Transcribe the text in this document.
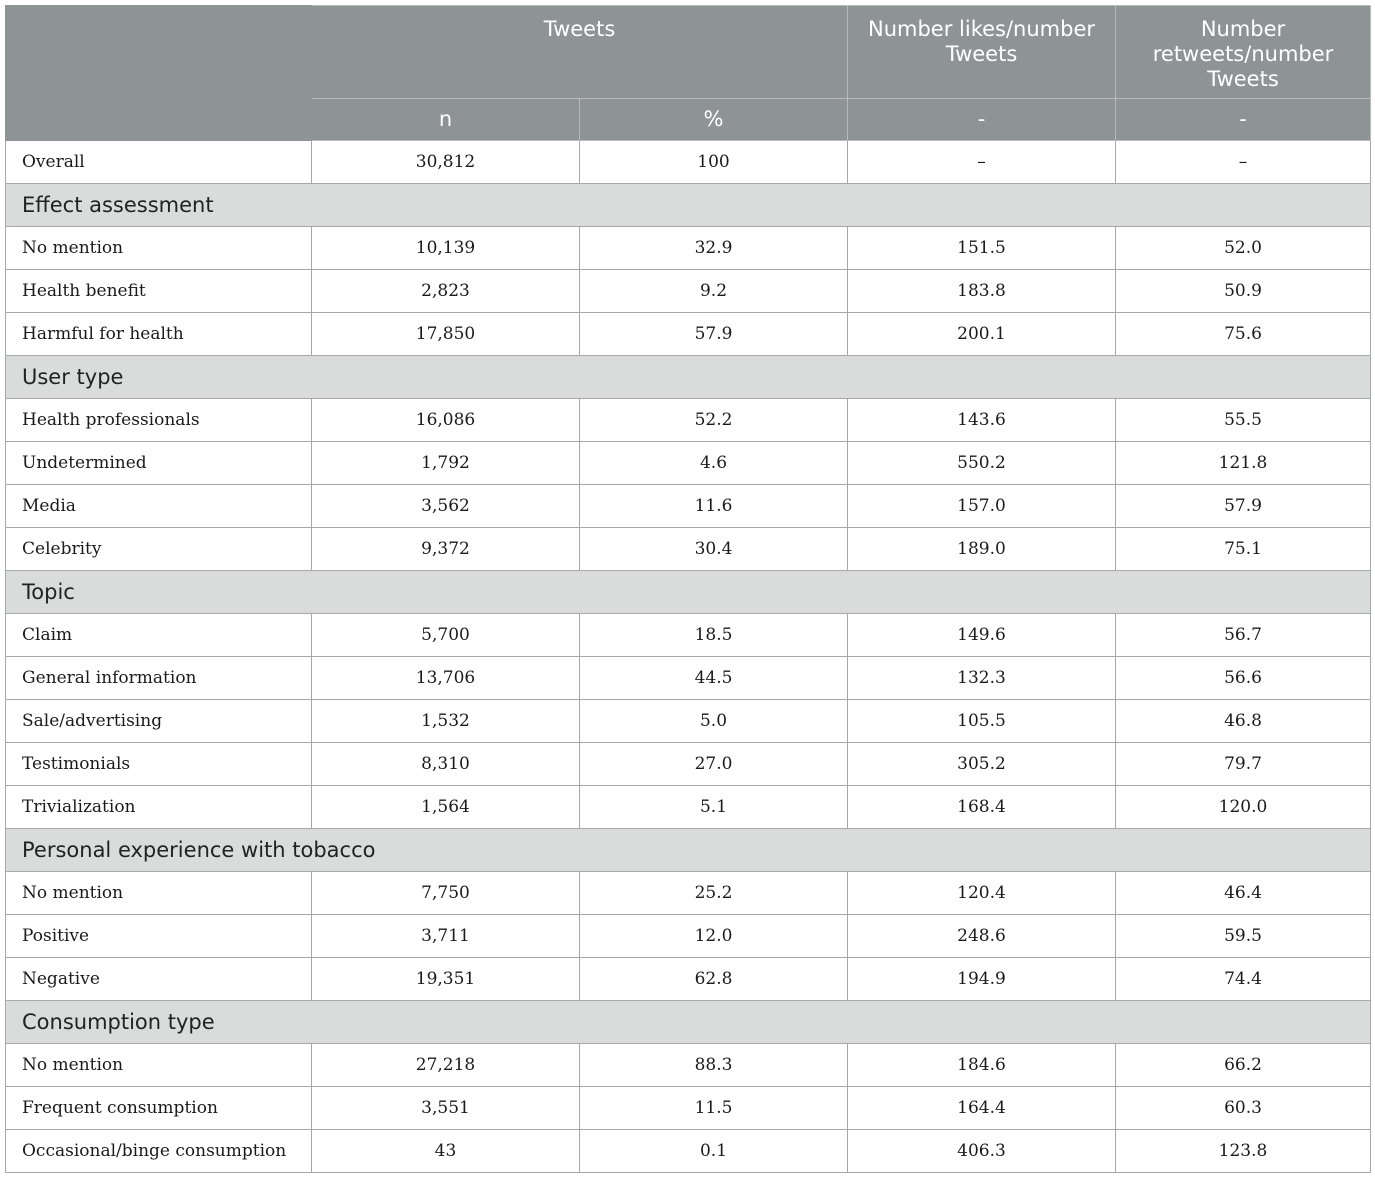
	Tweets		Number likes/number Tweets	Number retweets/number Tweets

	n	%	-	-
Overall	30,812	100	–	–
Effect assessment				
No mention	10,139	32.9	151.5	52.0
Health benefit	2,823	9.2	183.8	50.9
Harmful for health	17,850	57.9	200.1	75.6
User type				
Health professionals	16,086	52.2	143.6	55.5
Undetermined	1,792	4.6	550.2	121.8
Media	3,562	11.6	157.0	57.9
Celebrity	9,372	30.4	189.0	75.1
Topic				
Claim	5,700	18.5	149.6	56.7
General information	13,706	44.5	132.3	56.6
Sale/advertising	1,532	5.0	105.5	46.8
Testimonials	8,310	27.0	305.2	79.7
Trivialization	1,564	5.1	168.4	120.0
Personal experience with tobacco				
No mention	7,750	25.2	120.4	46.4
Positive	3,711	12.0	248.6	59.5
Negative	19,351	62.8	194.9	74.4
Consumption type				
No mention	27,218	88.3	184.6	66.2
Frequent consumption	3,551	11.5	164.4	60.3
Occasional/binge consumption	43	0.1	406.3	123.8
